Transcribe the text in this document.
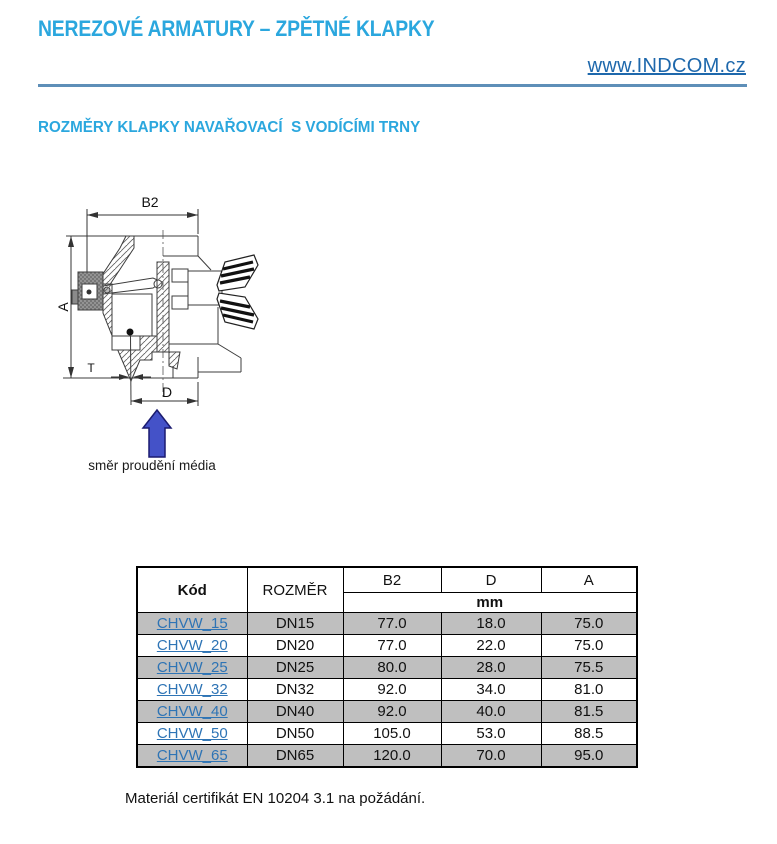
NEREZOVÉ ARMATURY – ZPĚTNÉ KLAPKY
www.INDCOM.cz
ROZMĚRY KLAPKY NAVAŘOVACÍ  S VODÍCÍMI TRNY
B2
A
T
D
směr proudění média
Kód	ROZMĚR	B2	D	A
		mm		
CHVW_15	DN15	77.0	18.0	75.0
CHVW_20	DN20	77.0	22.0	75.0
CHVW_25	DN25	80.0	28.0	75.5
CHVW_32	DN32	92.0	34.0	81.0
CHVW_40	DN40	92.0	40.0	81.5
CHVW_50	DN50	105.0	53.0	88.5
CHVW_65	DN65	120.0	70.0	95.0
Materiál certifikát EN 10204 3.1 na požádání.
